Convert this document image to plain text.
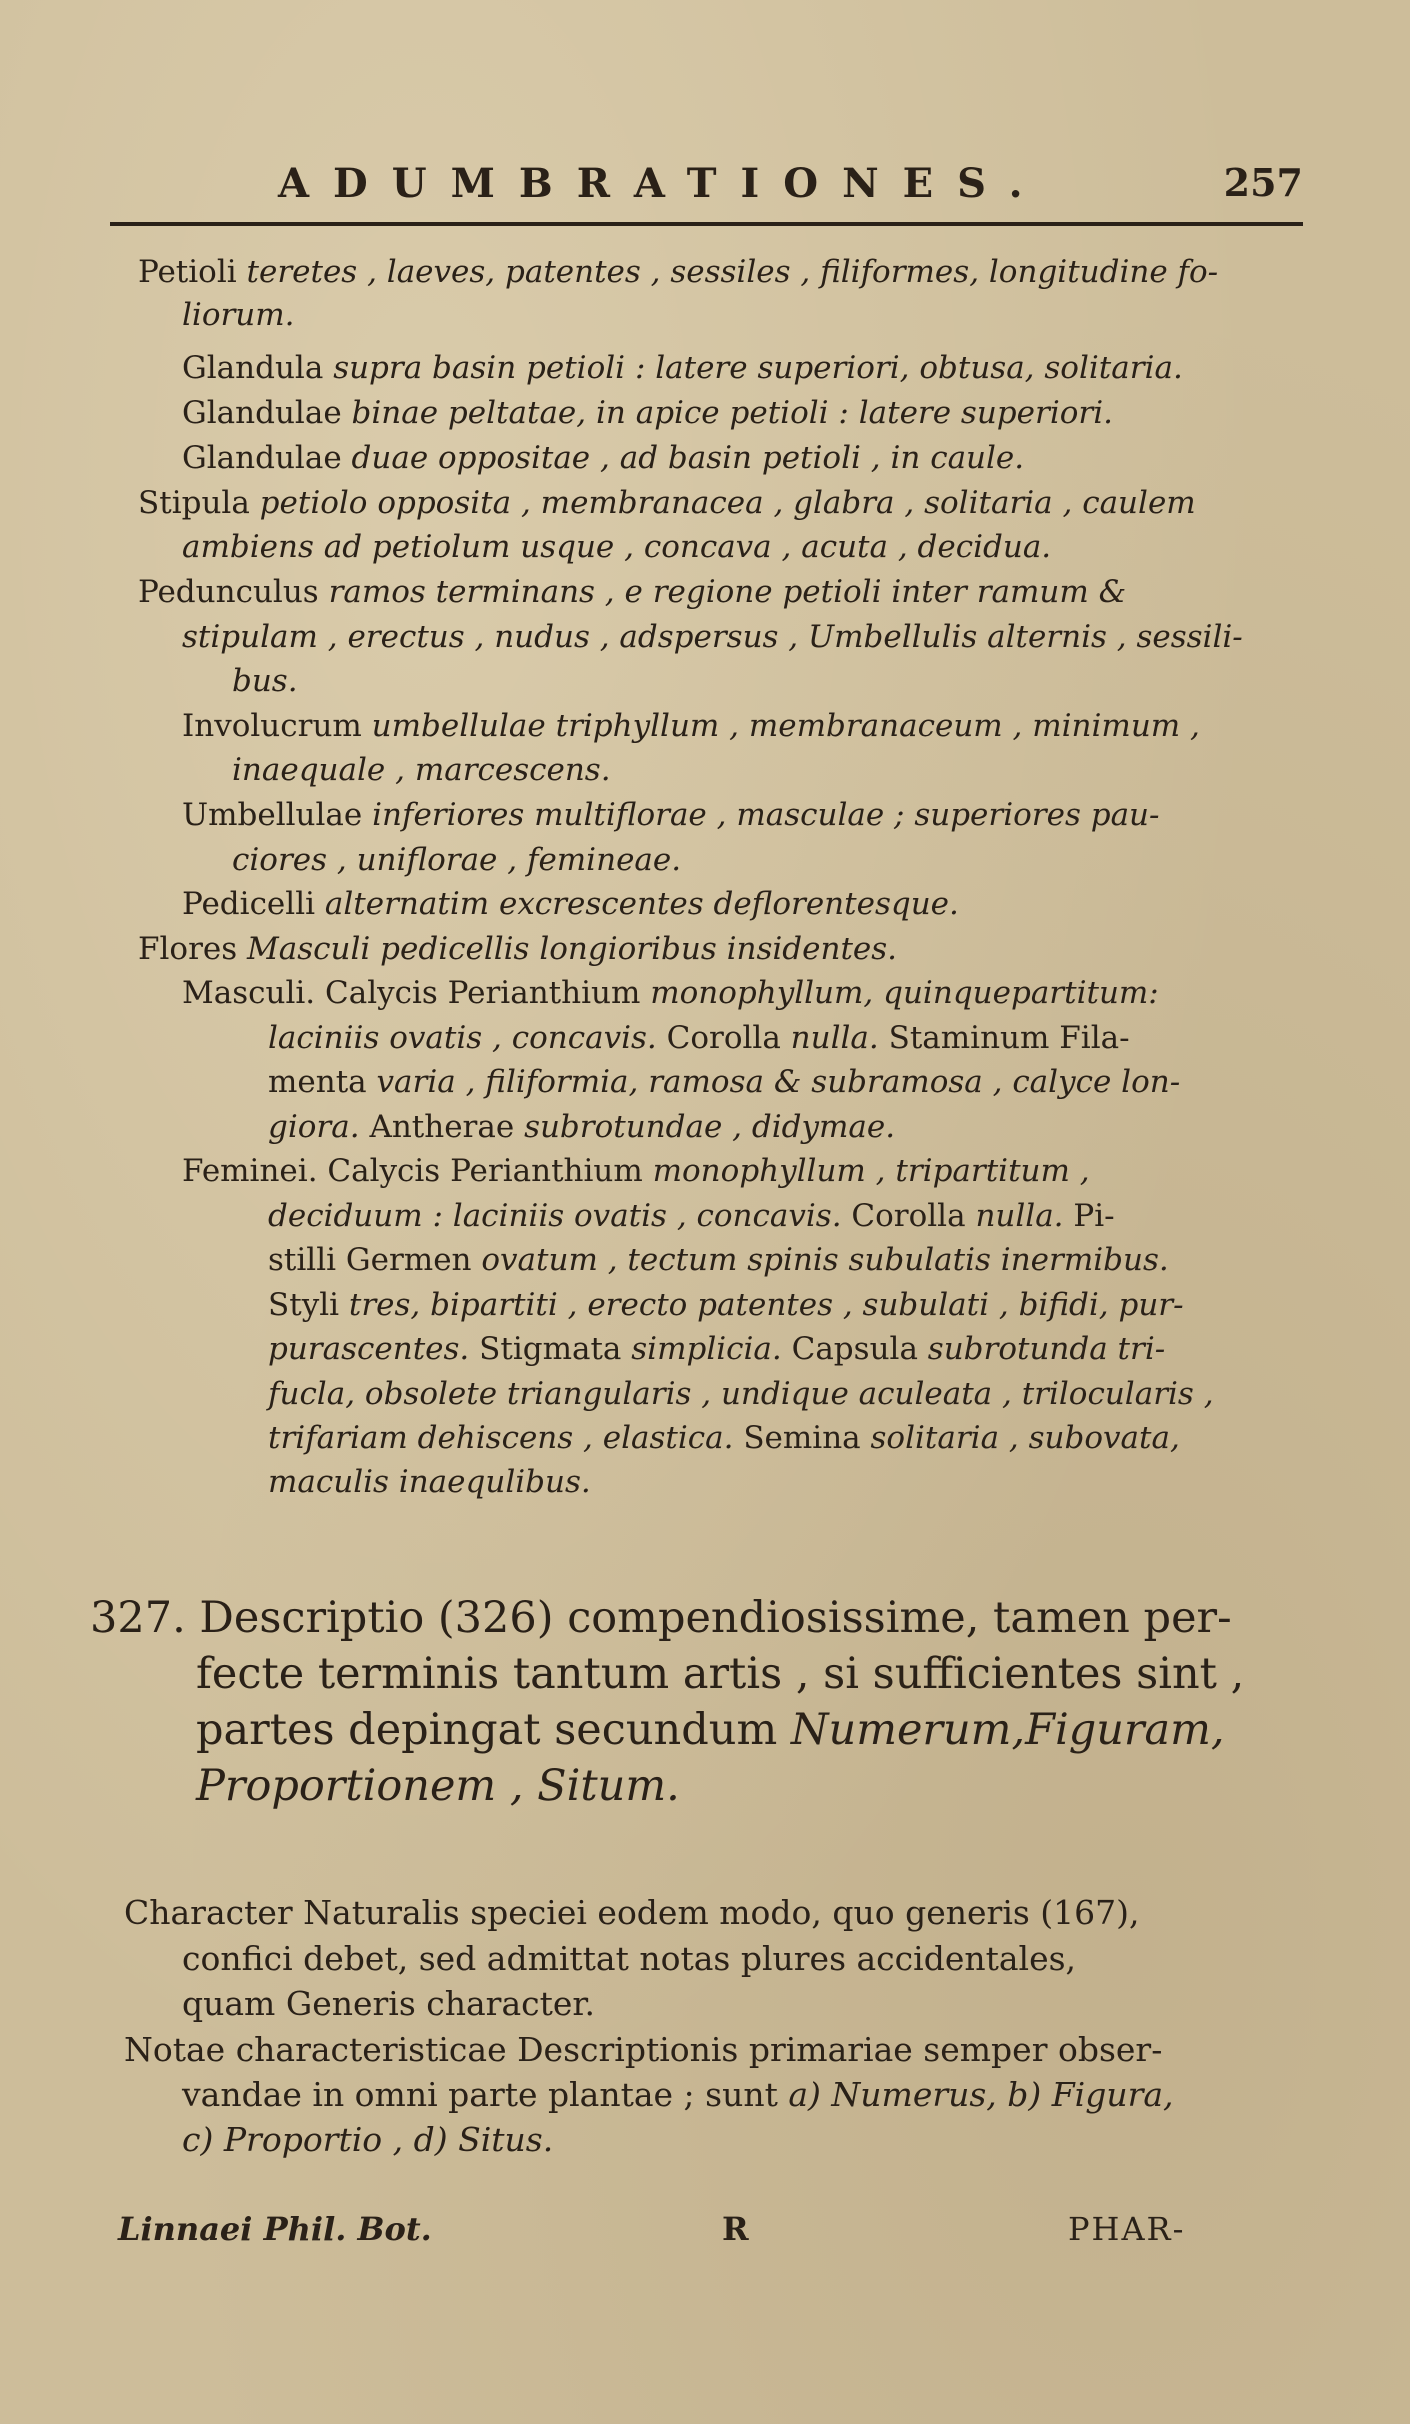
ADUMBRATIONES.	257
Petioli teretes , laeves, patentes , sessiles , filiformes, longitudine fo-
liorum.
Glandula supra basin petioli : latere superiori, obtusa, solitaria.
Glandulae binae peltatae, in apice petioli : latere superiori.
Glandulae duae oppositae , ad basin petioli , in caule.
Stipula petiolo opposita , membranacea , glabra , solitaria , caulem
ambiens ad petiolum usque , concava , acuta , decidua.
Pedunculus ramos terminans , e regione petioli inter ramum &
stipulam , erectus , nudus , adspersus , Umbellulis alternis , sessili-
bus.
Involucrum umbellulae triphyllum , membranaceum , minimum ,
inaequale , marcescens.
Umbellulae inferiores multiflorae , masculae ; superiores pau-
ciores , uniflorae , femineae.
Pedicelli alternatim excrescentes deflorentesque.
Flores Masculi pedicellis longioribus insidentes.
Masculi. Calycis Perianthium monophyllum, quinquepartitum:
laciniis ovatis , concavis. Corolla nulla. Staminum Fila-
menta varia , filiformia, ramosa & subramosa , calyce lon-
giora. Antherae subrotundae , didymae.
Feminei. Calycis Perianthium monophyllum , tripartitum ,
deciduum : laciniis ovatis , concavis. Corolla nulla. Pi-
stilli Germen ovatum , tectum spinis subulatis inermibus.
Styli tres, bipartiti , erecto patentes , subulati , bifidi, pur-
purascentes. Stigmata simplicia. Capsula subrotunda tri-
fucla, obsolete triangularis , undique aculeata , trilocularis ,
trifariam dehiscens , elastica. Semina solitaria , subovata,
maculis inaequlibus.
327. Descriptio (326) compendiosissime, tamen per-
fecte terminis tantum artis , si sufficientes sint ,
partes depingat secundum Numerum,Figuram,
Proportionem , Situm.
Character Naturalis speciei eodem modo, quo generis (167),
confici debet, sed admittat notas plures accidentales,
quam Generis character.
Notae characteristicae Descriptionis primariae semper obser-
vandae in omni parte plantae ; sunt a) Numerus, b) Figura,
c) Proportio , d) Situs.
Linnaei Phil. Bot.	R	PHAR-
